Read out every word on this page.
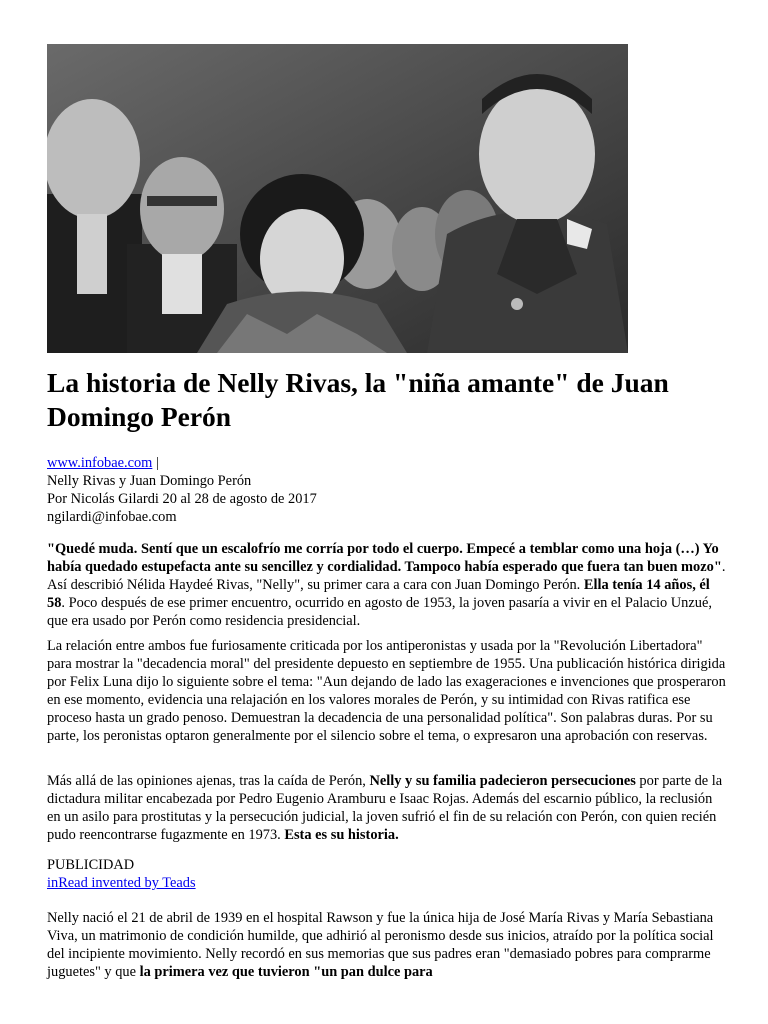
La historia de Nelly Rivas, la "niña amante" de Juan Domingo Perón

www.infobae.com |

Nelly Rivas y Juan Domingo Perón

Por Nicolás Gilardi 20 al 28 de agosto de 2017

ngilardi@infobae.com

"Quedé muda. Sentí que un escalofrío me corría por todo el cuerpo. Empecé a temblar como una hoja (…) Yo había quedado estupefacta ante su sencillez y cordialidad. Tampoco había esperado que fuera tan buen mozo". Así describió Nélida Haydeé Rivas, "Nelly", su primer cara a cara con Juan Domingo Perón. Ella tenía 14 años, él 58. Poco después de ese primer encuentro, ocurrido en agosto de 1953, la joven pasaría a vivir en el Palacio Unzué, que era usado por Perón como residencia presidencial.

La relación entre ambos fue furiosamente criticada por los antiperonistas y usada por la "Revolución Libertadora" para mostrar la "decadencia moral" del presidente depuesto en septiembre de 1955. Una publicación histórica dirigida por Felix Luna dijo lo siguiente sobre el tema: "Aun dejando de lado las exageraciones e invenciones que prosperaron en ese momento, evidencia una relajación en los valores morales de Perón, y su intimidad con Rivas ratifica ese proceso hasta un grado penoso. Demuestran la decadencia de una personalidad política". Son palabras duras. Por su parte, los peronistas optaron generalmente por el silencio sobre el tema, o expresaron una aprobación con reservas.

Más allá de las opiniones ajenas, tras la caída de Perón, Nelly y su familia padecieron persecuciones por parte de la dictadura militar encabezada por Pedro Eugenio Aramburu e Isaac Rojas. Además del escarnio público, la reclusión en un asilo para prostitutas y la persecución judicial, la joven sufrió el fin de su relación con Perón, con quien recién pudo reencontrarse fugazmente en 1973. Esta es su historia.

PUBLICIDAD

inRead invented by Teads

Nelly nació el 21 de abril de 1939 en el hospital Rawson y fue la única hija de José María Rivas y María Sebastiana Viva, un matrimonio de condición humilde, que adhirió al peronismo desde sus inicios, atraído por la política social del incipiente movimiento. Nelly recordó en sus memorias que sus padres eran "demasiado pobres para comprarme juguetes" y que la primera vez que tuvieron "un pan dulce para
